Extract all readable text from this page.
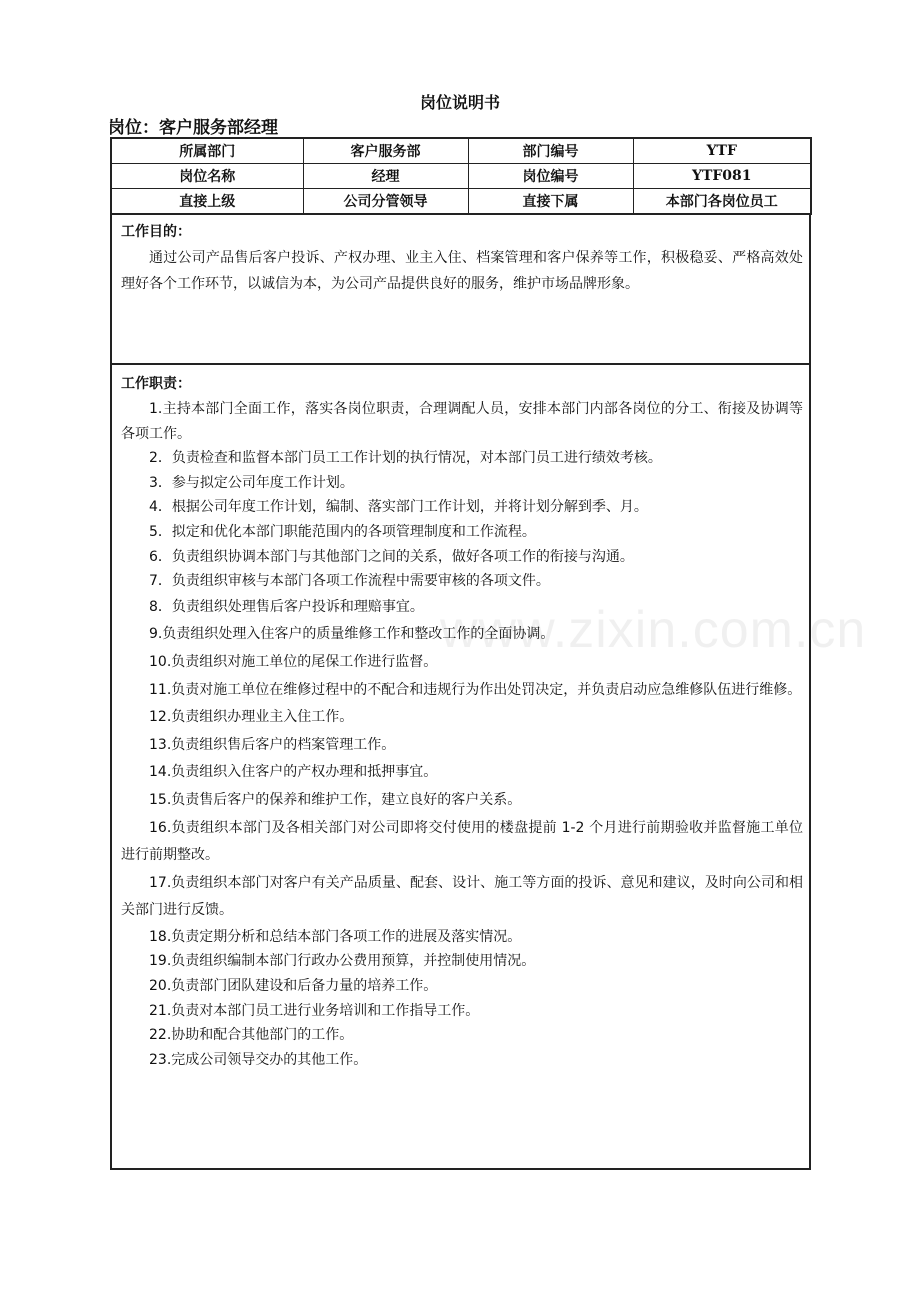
岗位说明书
岗位：客户服务部经理
所属部门	客户服务部	部门编号	YTF
岗位名称	经理	岗位编号	YTF081
直接上级	公司分管领导	直接下属	本部门各岗位员工
工作目的：
通过公司产品售后客户投诉、产权办理、业主入住、档案管理和客户保养等工作，积极稳妥、严格高效处理好各个工作环节，以诚信为本，为公司产品提供良好的服务，维护市场品牌形象。
工作职责：
1.主持本部门全面工作，落实各岗位职责，合理调配人员，安排本部门内部各岗位的分工、衔接及协调等各项工作。
2．负责检查和监督本部门员工工作计划的执行情况，对本部门员工进行绩效考核。
3．参与拟定公司年度工作计划。
4．根据公司年度工作计划，编制、落实部门工作计划，并将计划分解到季、月。
5．拟定和优化本部门职能范围内的各项管理制度和工作流程。
6．负责组织协调本部门与其他部门之间的关系，做好各项工作的衔接与沟通。
7．负责组织审核与本部门各项工作流程中需要审核的各项文件。
8．负责组织处理售后客户投诉和理赔事宜。
9.负责组织处理入住客户的质量维修工作和整改工作的全面协调。
10.负责组织对施工单位的尾保工作进行监督。
11.负责对施工单位在维修过程中的不配合和违规行为作出处罚决定，并负责启动应急维修队伍进行维修。
12.负责组织办理业主入住工作。
13.负责组织售后客户的档案管理工作。
14.负责组织入住客户的产权办理和抵押事宜。
15.负责售后客户的保养和维护工作，建立良好的客户关系。
16.负责组织本部门及各相关部门对公司即将交付使用的楼盘提前 1-2 个月进行前期验收并监督施工单位进行前期整改。
17.负责组织本部门对客户有关产品质量、配套、设计、施工等方面的投诉、意见和建议，及时向公司和相关部门进行反馈。
18.负责定期分析和总结本部门各项工作的进展及落实情况。
19.负责组织编制本部门行政办公费用预算，并控制使用情况。
20.负责部门团队建设和后备力量的培养工作。
21.负责对本部门员工进行业务培训和工作指导工作。
22.协助和配合其他部门的工作。
23.完成公司领导交办的其他工作。
www.zixin.com.cn
